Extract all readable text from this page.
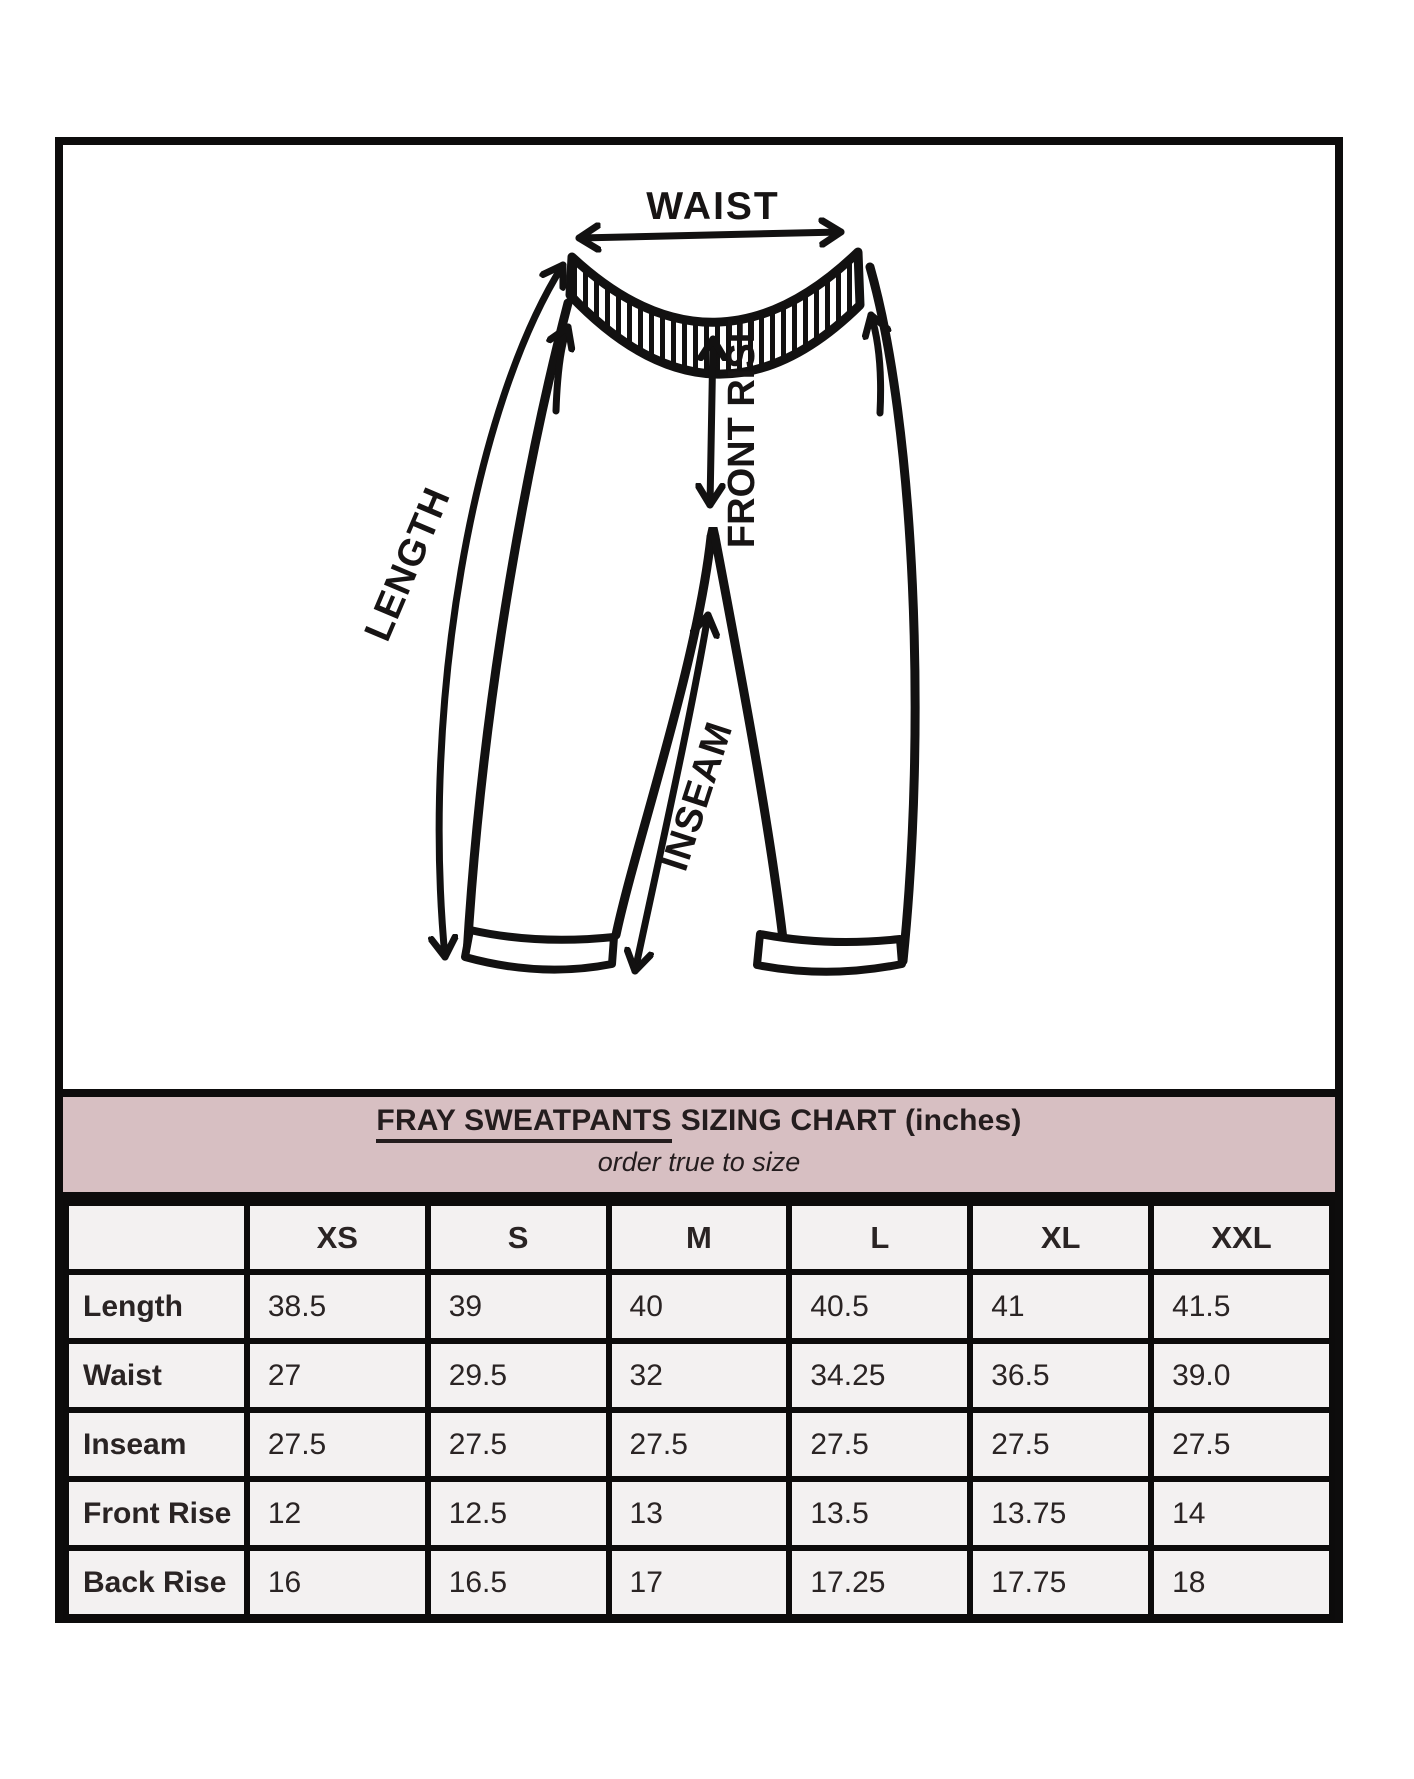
WAIST
FRONT RISE
LENGTH
INSEAM
FRAY SWEATPANTS SIZING CHART (inches)
order true to size
	XS	S	M	L	XL	XXL
Length	38.5	39	40	40.5	41	41.5
Waist	27	29.5	32	34.25	36.5	39.0
Inseam	27.5	27.5	27.5	27.5	27.5	27.5
Front Rise	12	12.5	13	13.5	13.75	14
Back Rise	16	16.5	17	17.25	17.75	18
